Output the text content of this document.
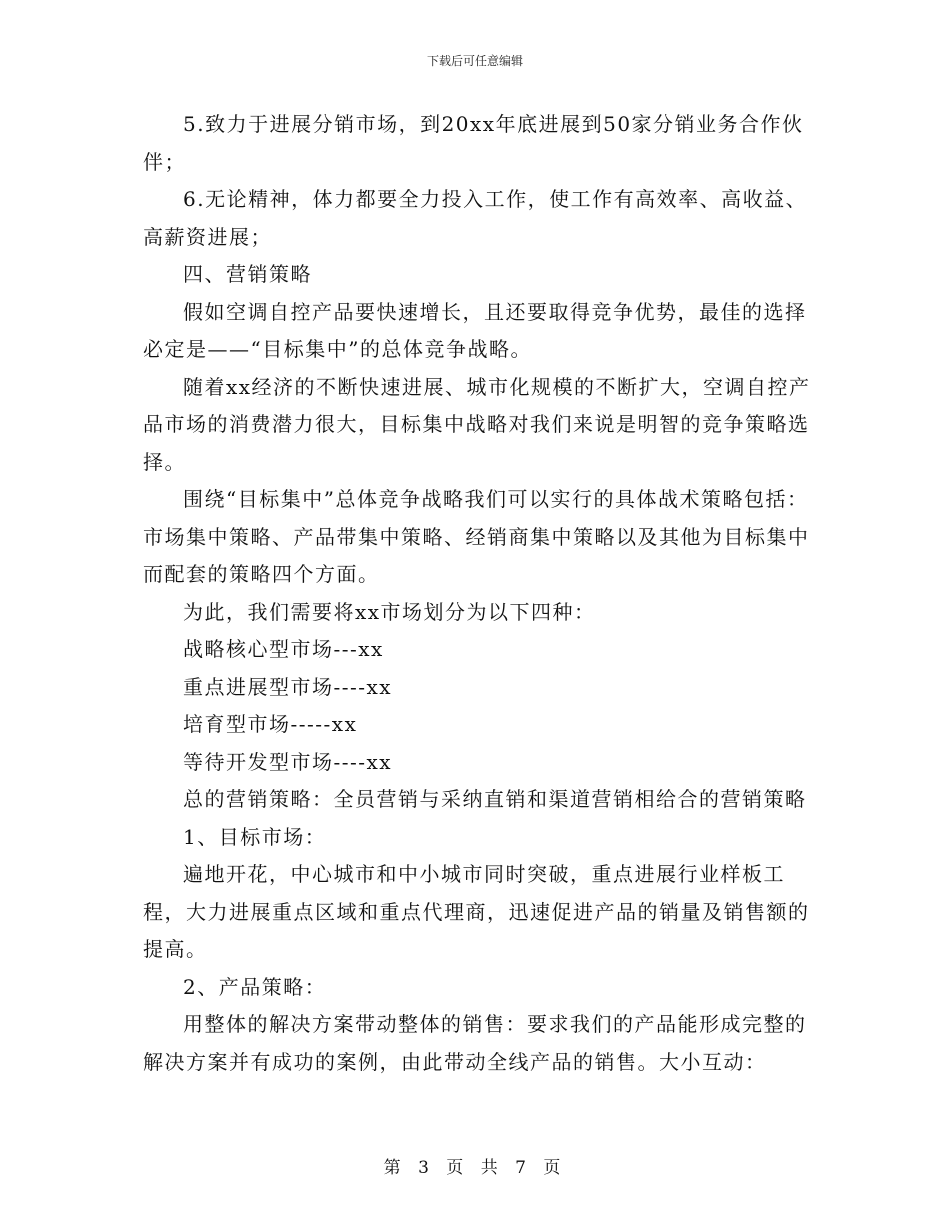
下载后可任意编辑

5.致力于进展分销市场，到20xx年底进展到50家分销业务合作伙伴；

6.无论精神，体力都要全力投入工作，使工作有高效率、高收益、高薪资进展；

四、营销策略

假如空调自控产品要快速增长，且还要取得竞争优势，最佳的选择必定是——“目标集中”的总体竞争战略。

随着xx经济的不断快速进展、城市化规模的不断扩大，空调自控产品市场的消费潜力很大，目标集中战略对我们来说是明智的竞争策略选择。

围绕“目标集中”总体竞争战略我们可以实行的具体战术策略包括：市场集中策略、产品带集中策略、经销商集中策略以及其他为目标集中而配套的策略四个方面。

为此，我们需要将xx市场划分为以下四种：

战略核心型市场---xx

重点进展型市场----xx

培育型市场-----xx

等待开发型市场----xx

总的营销策略：全员营销与采纳直销和渠道营销相给合的营销策略

1、目标市场：

遍地开花，中心城市和中小城市同时突破，重点进展行业样板工程，大力进展重点区域和重点代理商，迅速促进产品的销量及销售额的提高。

2、产品策略：

用整体的解决方案带动整体的销售：要求我们的产品能形成完整的解决方案并有成功的案例，由此带动全线产品的销售。大小互动：

第 3 页 共 7 页
